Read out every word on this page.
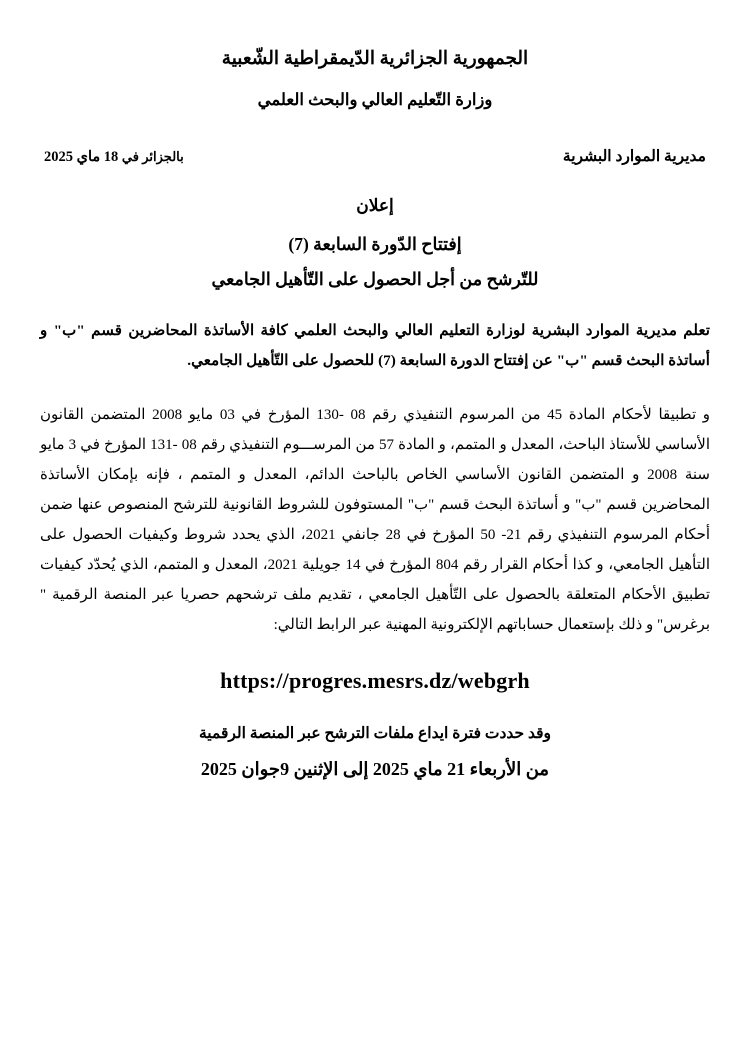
الجمهورية الجزائرية الدّيمقراطية الشّعبية
وزارة التّعليم العالي والبحث العلمي
مديرية الموارد البشرية
بالجزائر في 18 ماي 2025
إعلان
إفتتاح الدّورة السابعة (7)
للتّرشح من أجل الحصول على التّأهيل الجامعي
تعلم مديرية الموارد البشرية لوزارة التعليم العالي والبحث العلمي كافة الأساتذة المحاضرين قسم "ب" و أساتذة البحث قسم "ب" عن إفتتاح الدورة السابعة (7) للحصول على التّأهيل الجامعي.
و تطبيقا لأحكام المادة 45 من المرسوم التنفيذي رقم 08 -130 المؤرخ في 03 مايو 2008 المتضمن القانون الأساسي للأستاذ الباحث، المعدل و المتمم، و المادة 57 من المرســـوم التنفيذي رقم 08 -131 المؤرخ في 3 مايو سنة 2008 و المتضمن القانون الأساسي الخاص بالباحث الدائم، المعدل و المتمم ، فإنه بإمكان الأساتذة المحاضرين قسم "ب" و أساتذة البحث قسم "ب" المستوفون للشروط القانونية للترشح المنصوص عنها ضمن أحكام المرسوم التنفيذي رقم 21- 50 المؤرخ في 28 جانفي 2021، الذي يحدد شروط وكيفيات الحصول على التأهيل الجامعي، و كذا أحكام القرار رقم 804 المؤرخ في 14 جويلية 2021، المعدل و المتمم، الذي يُحدّد كيفيات تطبيق الأحكام المتعلقة بالحصول على التّأهيل الجامعي ، تقديم ملف ترشحهم حصريا عبر المنصة الرقمية " برغرس" و ذلك بإستعمال حساباتهم الإلكترونية المهنية عبر الرابط التالي:
https://progres.mesrs.dz/webgrh
وقد حددت فترة ايداع ملفات الترشح عبر المنصة الرقمية
من الأربعاء 21 ماي 2025 إلى الإثنين 9جوان 2025
